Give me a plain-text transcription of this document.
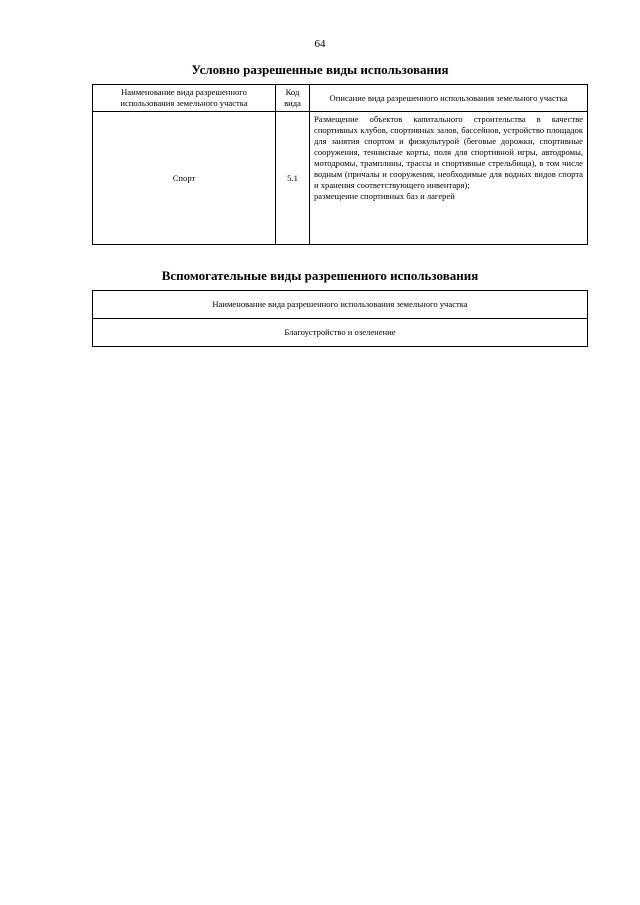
64
Условно разрешенные виды использования
Наименование вида разрешенного использования земельного участка	Код вида	Описание вида разрешенного использования земельного участка
Спорт	5.1	Размещение объектов капитального строительства в качестве спортивных клубов, спортивных залов, бассейнов, устройство площадок для занятия спортом и физкультурой (беговые дорожки, спортивные сооружения, теннисные корты, поля для спортивной игры, автодромы, мотодромы, трамплины, трассы и спортивные стрельбища), в том числе водным (причалы и сооружения, необходимые для водных видов спорта и хранения соответствующего инвентаря);

размещение спортивных баз и лагерей

Вспомогательные виды разрешенного использования
Наименование вида разрешенного использования земельного участка
Благоустройство и озеленение
